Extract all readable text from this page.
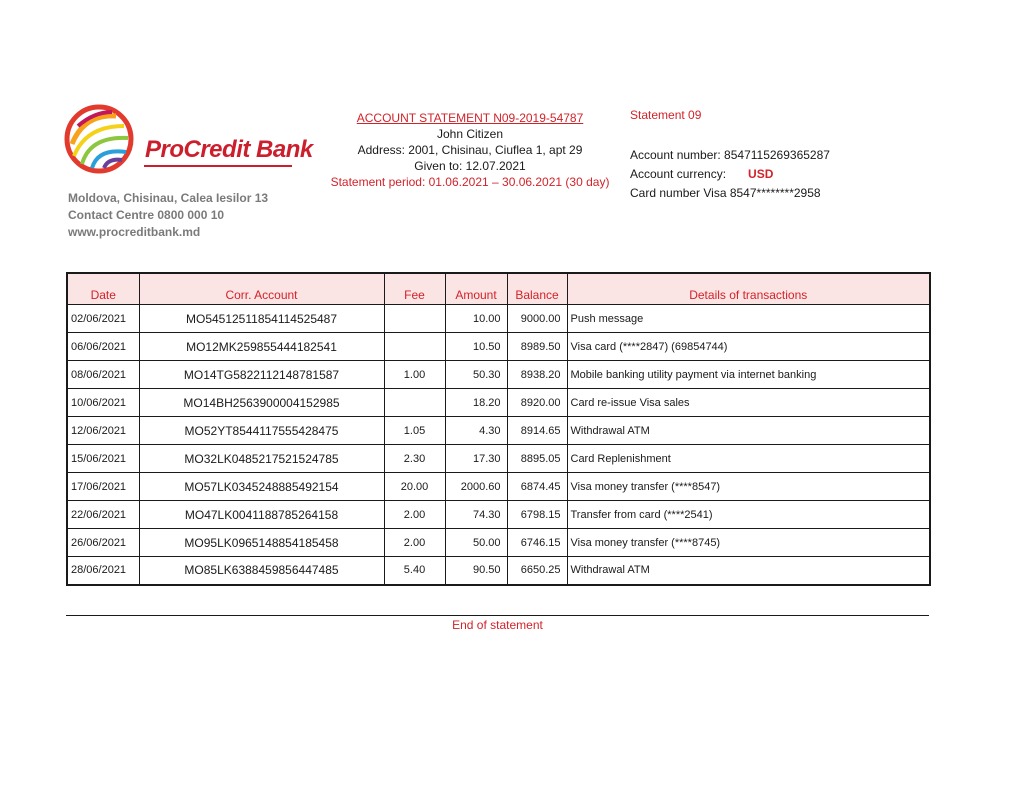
ProCredit Bank
Moldova, Chisinau, Calea Iesilor 13
Contact Centre 0800 000 10
www.procreditbank.md
ACCOUNT STATEMENT N09-2019-54787
John Citizen
Address: 2001, Chisinau, Ciuflea 1, apt 29
Given to: 12.07.2021
Statement period: 01.06.2021 – 30.06.2021 (30 day)
Statement 09
Account number: 8547115269365287
Account currency: USD
Card number Visa 8547********2958
Date	Corr. Account	Fee	Amount	Balance	Details of transactions
02/06/2021	MO54512511854114525487		10.00	9000.00	Push message
06/06/2021	MO12MK259855444182541		10.50	8989.50	Visa card (****2847) (69854744)
08/06/2021	MO14TG5822112148781587	1.00	50.30	8938.20	Mobile banking utility payment via internet banking
10/06/2021	MO14BH2563900004152985		18.20	8920.00	Card re-issue Visa sales
12/06/2021	MO52YT8544117555428475	1.05	4.30	8914.65	Withdrawal ATM
15/06/2021	MO32LK0485217521524785	2.30	17.30	8895.05	Card Replenishment
17/06/2021	MO57LK0345248885492154	20.00	2000.60	6874.45	Visa money transfer (****8547)
22/06/2021	MO47LK0041188785264158	2.00	74.30	6798.15	Transfer from card (****2541)
26/06/2021	MO95LK0965148854185458	2.00	50.00	6746.15	Visa money transfer (****8745)
28/06/2021	MO85LK6388459856447485	5.40	90.50	6650.25	Withdrawal ATM
End of statement
